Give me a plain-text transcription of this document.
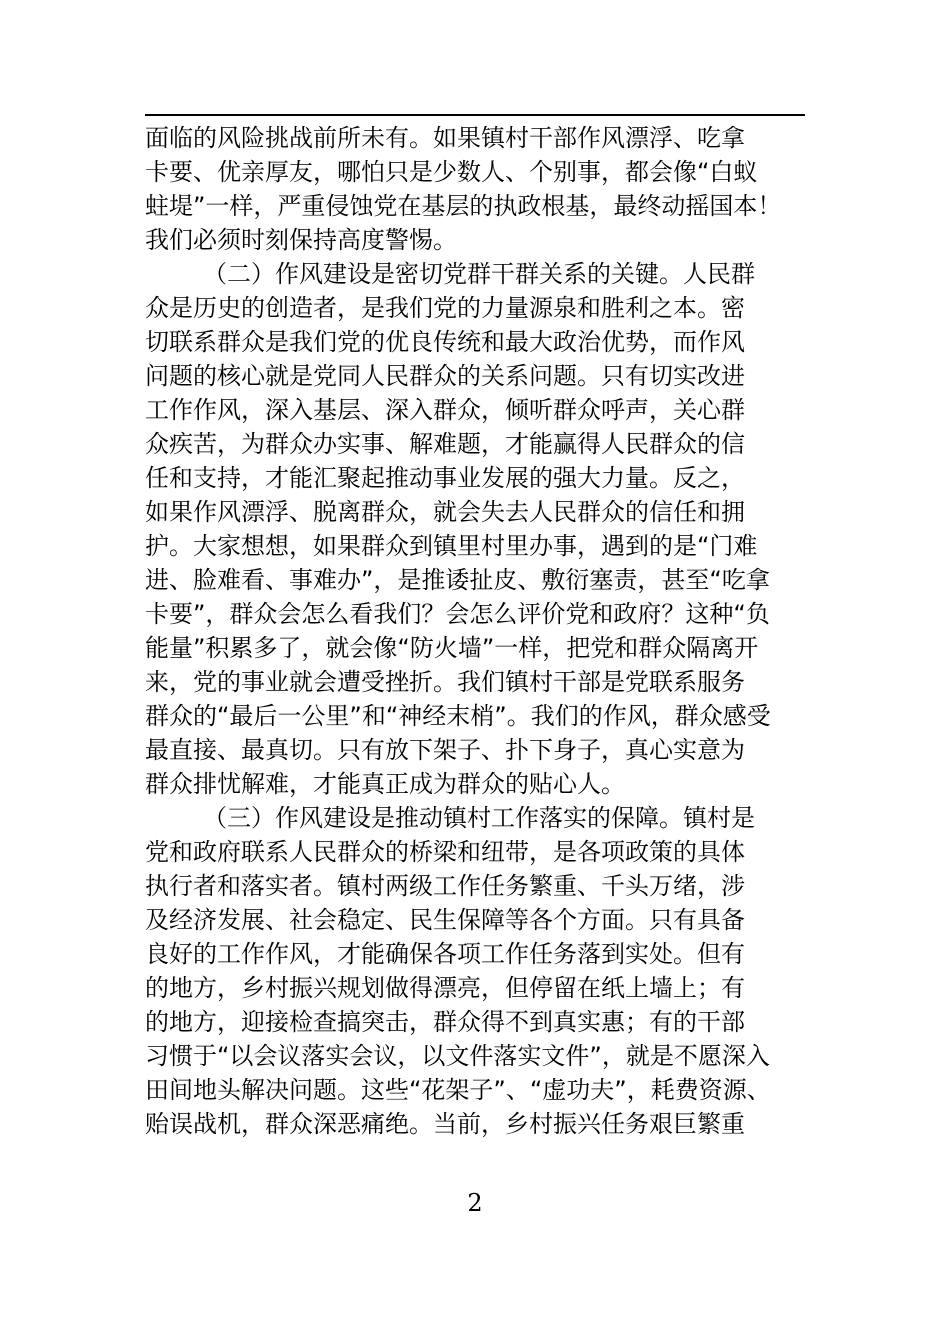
面临的风险挑战前所未有。如果镇村干部作风漂浮、吃拿
卡要、优亲厚友，哪怕只是少数人、个别事，都会像“白蚁
蛀堤”一样，严重侵蚀党在基层的执政根基，最终动摇国本！
我们必须时刻保持高度警惕。
（二）作风建设是密切党群干群关系的关键。人民群
众是历史的创造者，是我们党的力量源泉和胜利之本。密
切联系群众是我们党的优良传统和最大政治优势，而作风
问题的核心就是党同人民群众的关系问题。只有切实改进
工作作风，深入基层、深入群众，倾听群众呼声，关心群
众疾苦，为群众办实事、解难题，才能赢得人民群众的信
任和支持，才能汇聚起推动事业发展的强大力量。反之，
如果作风漂浮、脱离群众，就会失去人民群众的信任和拥
护。大家想想，如果群众到镇里村里办事，遇到的是“门难
进、脸难看、事难办”，是推诿扯皮、敷衍塞责，甚至“吃拿
卡要”，群众会怎么看我们？会怎么评价党和政府？这种“负
能量”积累多了，就会像“防火墙”一样，把党和群众隔离开
来，党的事业就会遭受挫折。我们镇村干部是党联系服务
群众的“最后一公里”和“神经末梢”。我们的作风，群众感受
最直接、最真切。只有放下架子、扑下身子，真心实意为
群众排忧解难，才能真正成为群众的贴心人。
（三）作风建设是推动镇村工作落实的保障。镇村是
党和政府联系人民群众的桥梁和纽带，是各项政策的具体
执行者和落实者。镇村两级工作任务繁重、千头万绪，涉
及经济发展、社会稳定、民生保障等各个方面。只有具备
良好的工作作风，才能确保各项工作任务落到实处。但有
的地方，乡村振兴规划做得漂亮，但停留在纸上墙上；有
的地方，迎接检查搞突击，群众得不到真实惠；有的干部
习惯于“以会议落实会议，以文件落实文件”，就是不愿深入
田间地头解决问题。这些“花架子”、“虚功夫”，耗费资源、
贻误战机，群众深恶痛绝。当前，乡村振兴任务艰巨繁重
2
